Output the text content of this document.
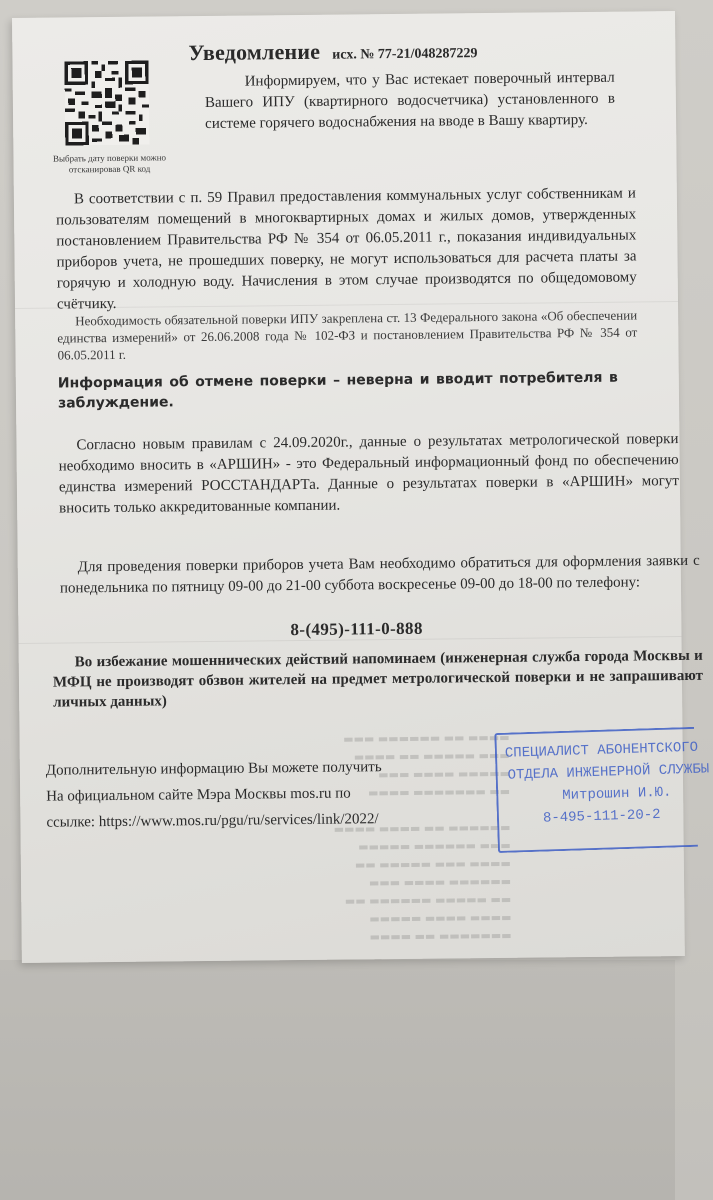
Выбрать дату поверки можно отсканировав QR код
Уведомление исх. № 77-21/048287229
Информируем, что у Вас истекает поверочный интервал Вашего ИПУ (квартирного водосчетчика) установленного в системе горячего водоснабжения на вводе в Вашу квартиру.
В соответствии с п. 59 Правил предоставления коммунальных услуг собственникам и пользователям помещений в многоквартирных домах и жилых домов, утвержденных постановлением Правительства РФ № 354 от 06.05.2011 г., показания индивидуальных приборов учета, не прошедших поверку, не могут использоваться для расчета платы за горячую и холодную воду. Начисления в этом случае производятся по общедомовому счётчику.
Необходимость обязательной поверки ИПУ закреплена ст. 13 Федерального закона «Об обеспечении единства измерений» от 26.06.2008 года № 102-ФЗ и постановлением Правительства РФ № 354 от 06.05.2011 г.
Информация об отмене поверки – неверна и вводит потребителя в заблуждение.
Согласно новым правилам с 24.09.2020г., данные о результатах метрологической поверки необходимо вносить в «АРШИН» - это Федеральный информационный фонд по обеспечению единства измерений РОССТАНДАРТа. Данные о результатах поверки в «АРШИН» могут вносить только аккредитованные компании.
Для проведения поверки приборов учета Вам необходимо обратиться для оформления заявки с понедельника по пятницу 09-00 до 21-00 суббота воскресенье 09-00 до 18-00 по телефону:
8-(495)-111-0-888
Во избежание мошеннических действий напоминаем (инженерная служба города Москвы и МФЦ не производят обзвон жителей на предмет метрологической поверки и не запрашивают личных данных)
Дополнительную информацию Вы можете получить
На официальном сайте Мэра Москвы mos.ru по
ссылке: https://www.mos.ru/pgu/ru/services/link/2022/
▬▬▬▬ ▬▬ ▬▬▬▬▬▬ ▬▬▬
▬▬▬ ▬▬▬▬▬ ▬▬ ▬▬▬▬
▬▬▬▬▬ ▬▬▬▬ ▬▬▬
▬▬ ▬▬▬▬▬▬▬ ▬▬▬▬

▬▬▬▬▬▬ ▬▬ ▬▬▬▬ ▬▬▬▬
▬▬▬ ▬▬▬▬▬▬ ▬▬▬▬▬
▬▬▬▬ ▬▬▬ ▬▬▬▬▬ ▬▬
▬▬▬▬▬▬ ▬▬▬▬ ▬▬▬
▬▬ ▬▬▬▬▬ ▬▬▬▬▬▬ ▬▬
▬▬▬▬ ▬▬▬▬ ▬▬▬▬▬
▬▬▬▬▬▬▬ ▬▬ ▬▬▬▬
СПЕЦИАЛИСТ АБОНЕНТСКОГО
ОТДЕЛА ИНЖЕНЕРНОЙ СЛУЖБЫ
Митрошин И.Ю.
8-495-111-20-2
